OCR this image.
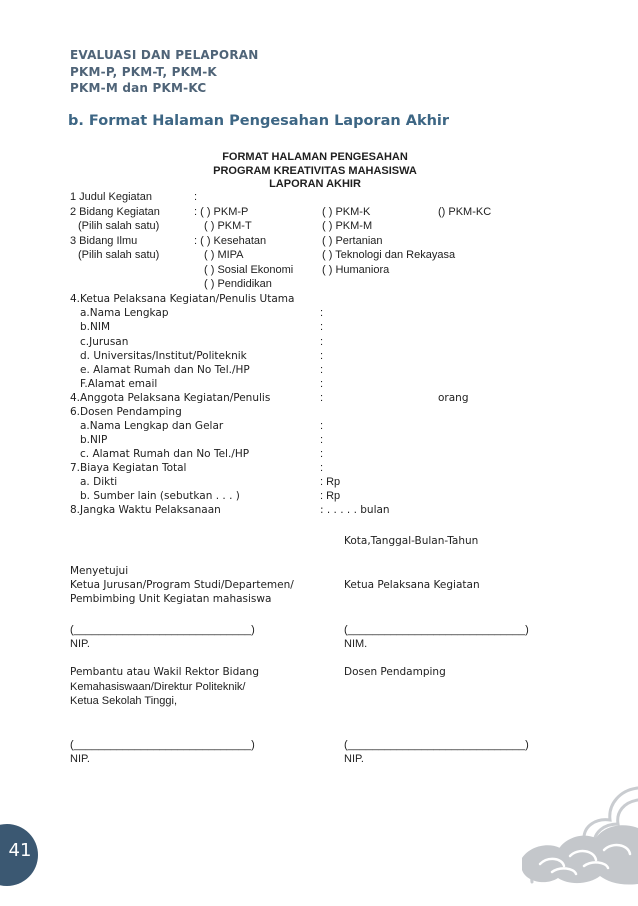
EVALUASI DAN PELAPORAN
PKM-P, PKM-T, PKM-K
PKM-M dan PKM-KC
b. Format Halaman Pengesahan Laporan Akhir
FORMAT HALAMAN PENGESAHAN
PROGRAM KREATIVITAS MAHASISWA
LAPORAN AKHIR
1 Judul Kegiatan	:
2 Bidang Kegiatan	: ( ) PKM-P	( ) PKM-K	() PKM-KC
(Pilih salah satu)	( ) PKM-T	( ) PKM-M
3 Bidang Ilmu	: ( ) Kesehatan	( ) Pertanian
(Pilih salah satu)	( ) MIPA	( ) Teknologi dan Rekayasa
( ) Sosial Ekonomi	( ) Humaniora
( ) Pendidikan
4.Ketua Pelaksana Kegiatan/Penulis Utama
a.Nama Lengkap	:
b.NIM	:
c.Jurusan	:
d. Universitas/Institut/Politeknik	:
e. Alamat Rumah dan No Tel./HP	:
F.Alamat email	:
4.Anggota Pelaksana Kegiatan/Penulis	:	orang
6.Dosen Pendamping
a.Nama Lengkap dan Gelar	:
b.NIP	:
c. Alamat Rumah dan No Tel./HP	:
7.Biaya Kegiatan Total	:
a. Dikti	: Rp
b. Sumber lain (sebutkan . . . )	: Rp
8.Jangka Waktu Pelaksanaan	: . . . . . bulan
Kota,Tanggal-Bulan-Tahun
Menyetujui
Ketua Jurusan/Program Studi/Departemen/	Ketua Pelaksana Kegiatan
Pembimbing Unit Kegiatan mahasiswa
(_____________________________)	(_____________________________)
NIP.	NIM.
Pembantu atau Wakil Rektor Bidang	Dosen Pendamping
Kemahasiswaan/Direktur Politeknik/
Ketua Sekolah Tinggi,
(_____________________________)	(_____________________________)
NIP.	NIP.
41
